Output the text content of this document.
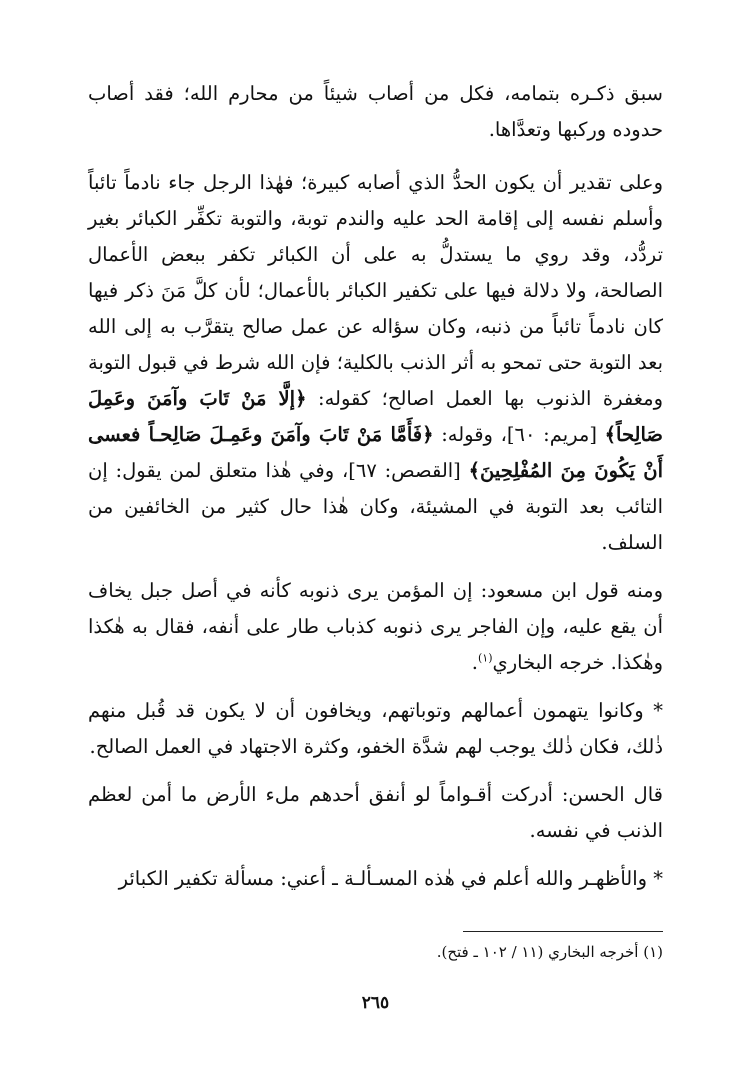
سبق ذكـره بتمامه، فكل من أصاب شيئاً من محارم الله؛ فقد أصاب حدوده وركبها وتعدَّاها.

وعلى تقدير أن يكون الحدُّ الذي أصابه كبيرة؛ فهٰذا الرجل جاء نادماً تائباً وأسلم نفسه إلى إقامة الحد عليه والندم توبة، والتوبة تكفِّر الكبائر بغير تردُّد، وقد روي ما يستدلُّ به على أن الكبائر تكفر ببعض الأعمال الصالحة، ولا دلالة فيها على تكفير الكبائر بالأعمال؛ لأن كلَّ مَنَ ذكر فيها كان نادماً تائباً من ذنبه، وكان سؤاله عن عمل صالح يتقرَّب به إلى الله بعد التوبة حتى تمحو به أثر الذنب بالكلية؛ فإن الله شرط في قبول التوبة ومغفرة الذنوب بها العمل اصالح؛ كقوله: ﴿إلَّا مَنْ تَابَ وآمَنَ وعَمِلَ صَالِحاً﴾ [مريم: ٦٠]، وقوله: ﴿فَأَمَّا مَنْ تَابَ وآمَنَ وعَمِـلَ صَالِحـاً فعسى أَنْ يَكُونَ مِنَ المُفْلِحِينَ﴾ [القصص: ٦٧]، وفي هٰذا متعلق لمن يقول: إن التائب بعد التوبة في المشيئة، وكان هٰذا حال كثير من الخائفين من السلف.

ومنه قول ابن مسعود: إن المؤمن يرى ذنوبه كأنه في أصل جبل يخاف أن يقع عليه، وإن الفاجر يرى ذنوبه كذباب طار على أنفه، فقال به هٰكذا وهٰكذا. خرجه البخاري$^{(١)}$.

* وكانوا يتهمون أعمالهم وتوباتهم، ويخافون أن لا يكون قد قُبل منهم ذٰلك، فكان ذٰلك يوجب لهم شدَّة الخفو، وكثرة الاجتهاد في العمل الصالح.

قال الحسن: أدركت أقـواماً لو أنفق أحدهم ملء الأرض ما أمن لعظم الذنب في نفسه.

* والأظهـر والله أعلم في هٰذه المسـألـة ـ أعني: مسألة تكفير الكبائر

(١) أخرجه البخاري (١١ / ١٠٢ ـ فتح).
٢٦٥
